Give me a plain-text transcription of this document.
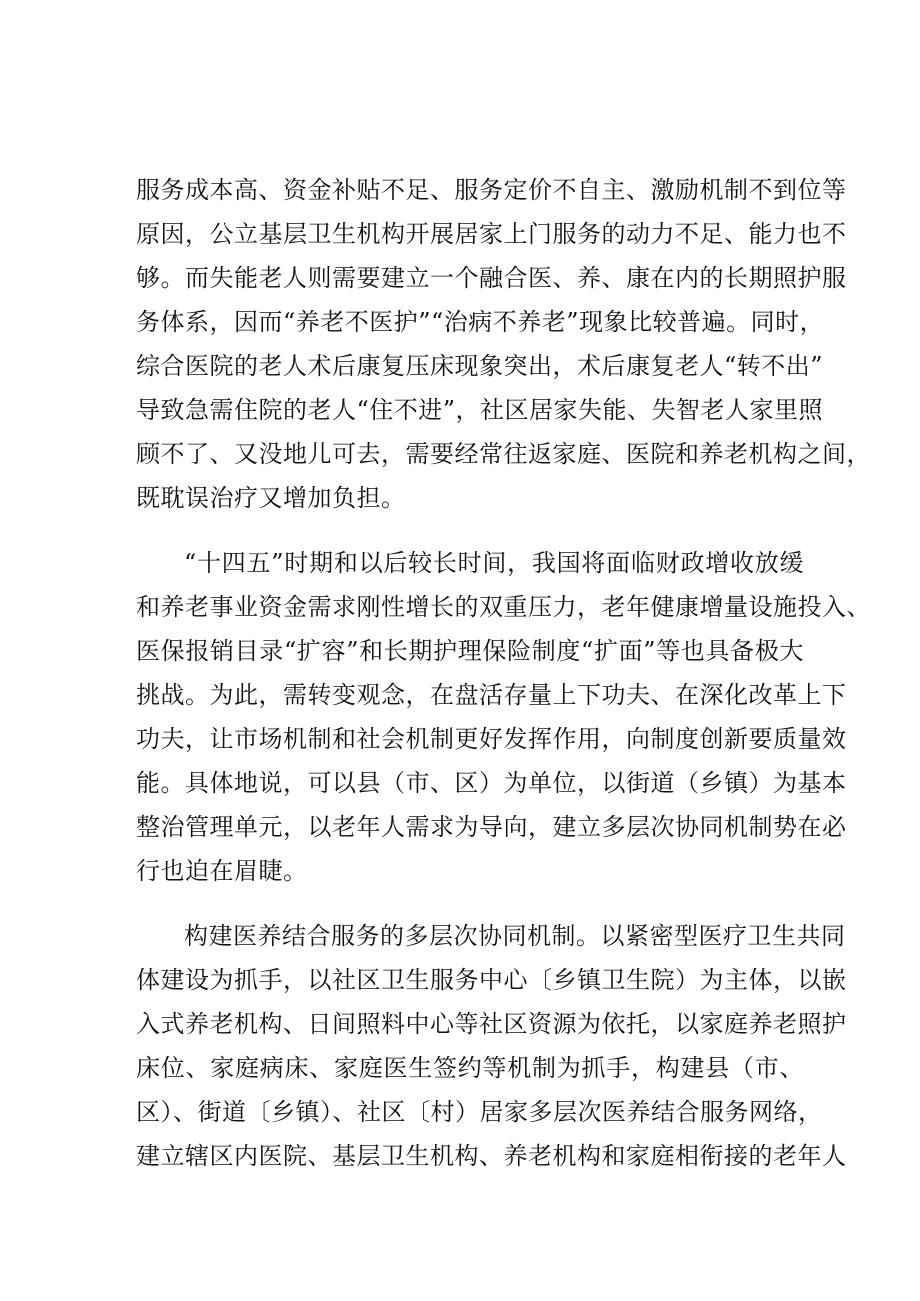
服务成本高、资金补贴不足、服务定价不自主、激励机制不到位等
原因，公立基层卫生机构开展居家上门服务的动力不足、能力也不
够。而失能老人则需要建立一个融合医、养、康在内的长期照护服
务体系，因而“养老不医护”“治病不养老”现象比较普遍。同时，
综合医院的老人术后康复压床现象突出，术后康复老人“转不出”
导致急需住院的老人“住不进”，社区居家失能、失智老人家里照
顾不了、又没地儿可去，需要经常往返家庭、医院和养老机构之间，
既耽误治疗又增加负担。
“十四五”时期和以后较长时间，我国将面临财政增收放缓
和养老事业资金需求刚性增长的双重压力，老年健康增量设施投入、
医保报销目录“扩容”和长期护理保险制度“扩面”等也具备极大
挑战。为此，需转变观念，在盘活存量上下功夫、在深化改革上下
功夫，让市场机制和社会机制更好发挥作用，向制度创新要质量效
能。具体地说，可以县（市、区）为单位，以街道（乡镇）为基本
整治管理单元，以老年人需求为导向，建立多层次协同机制势在必
行也迫在眉睫。
构建医养结合服务的多层次协同机制。以紧密型医疗卫生共同
体建设为抓手，以社区卫生服务中心〔乡镇卫生院）为主体，以嵌
入式养老机构、日间照料中心等社区资源为依托，以家庭养老照护
床位、家庭病床、家庭医生签约等机制为抓手，构建县（市、
区）、街道〔乡镇）、社区〔村）居家多层次医养结合服务网络，
建立辖区内医院、基层卫生机构、养老机构和家庭相衔接的老年人
